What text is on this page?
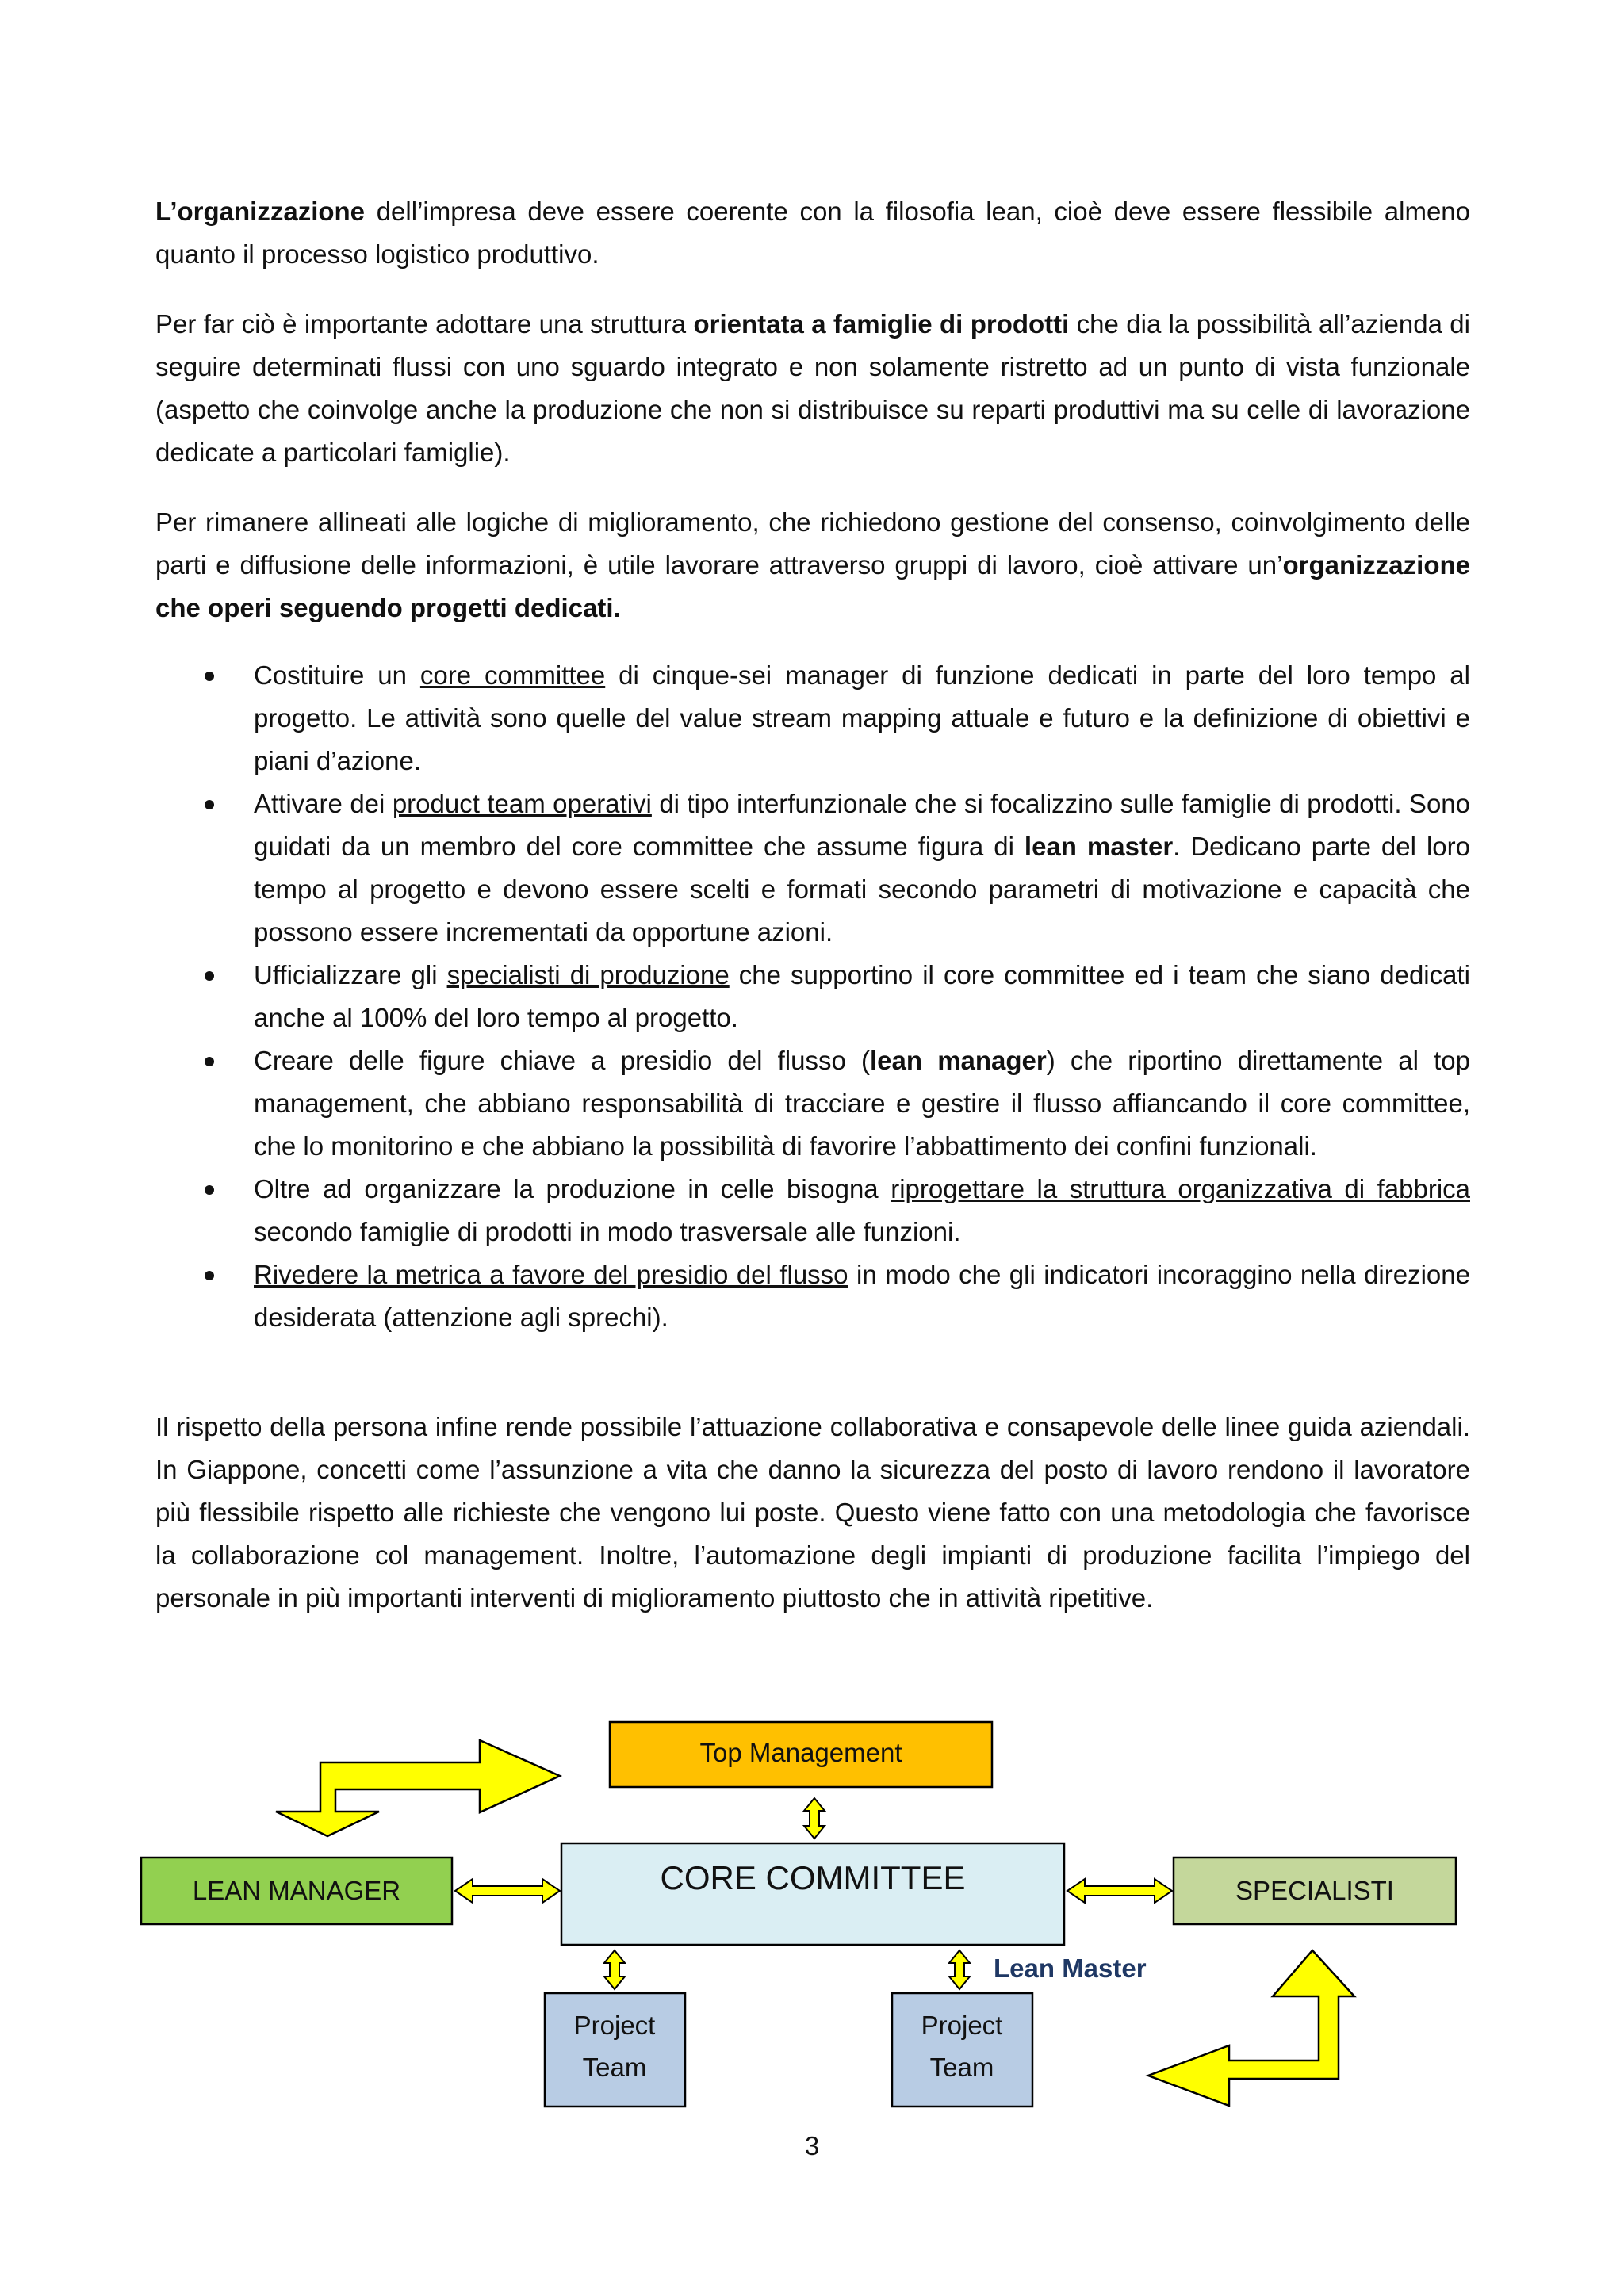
L’organizzazione dell’impresa deve essere coerente con la filosofia lean, cioè deve essere flessibile almeno quanto il processo logistico produttivo.

Per far ciò è importante adottare una struttura orientata a famiglie di prodotti che dia la possibilità all’azienda di seguire determinati flussi con uno sguardo integrato e non solamente ristretto ad un punto di vista funzionale (aspetto che coinvolge anche la produzione che non si distribuisce su reparti produttivi ma su celle di lavorazione dedicate a particolari famiglie).

Per rimanere allineati alle logiche di miglioramento, che richiedono gestione del consenso, coinvolgimento delle parti e diffusione delle informazioni, è utile lavorare attraverso gruppi di lavoro, cioè attivare un’organizzazione che operi seguendo progetti dedicati.

Costituire un core committee di cinque-sei manager di funzione dedicati in parte del loro tempo al progetto. Le attività sono quelle del value stream mapping attuale e futuro e la definizione di obiettivi e piani d’azione.
Attivare dei product team operativi di tipo interfunzionale che si focalizzino sulle famiglie di prodotti. Sono guidati da un membro del core committee che assume figura di lean master. Dedicano parte del loro tempo al progetto e devono essere scelti e formati secondo parametri di motivazione e capacità che possono essere incrementati da opportune azioni.
Ufficializzare gli specialisti di produzione che supportino il core committee ed i team che siano dedicati anche al 100% del loro tempo al progetto.
Creare delle figure chiave a presidio del flusso (lean manager) che riportino direttamente al top management, che abbiano responsabilità di tracciare e gestire il flusso affiancando il core committee, che lo monitorino e che abbiano la possibilità di favorire l’abbattimento dei confini funzionali.
Oltre ad organizzare la produzione in celle bisogna riprogettare la struttura organizzativa di fabbrica secondo famiglie di prodotti in modo trasversale alle funzioni.
Rivedere la metrica a favore del presidio del flusso in modo che gli indicatori incoraggino nella direzione desiderata (attenzione agli sprechi).

Il rispetto della persona infine rende possibile l’attuazione collaborativa e consapevole delle linee guida aziendali. In Giappone, concetti come l’assunzione a vita che danno la sicurezza del posto di lavoro rendono il lavoratore più flessibile rispetto alle richieste che vengono lui poste. Questo viene fatto con una metodologia che favorisce la collaborazione col management. Inoltre, l’automazione degli impianti di produzione facilita l’impiego del personale in più importanti interventi di miglioramento piuttosto che in attività ripetitive.

Top Management
CORE COMMITTEE
LEAN MANAGER	SPECIALISTI
Project
Team
Project
Team
Lean Master
3
